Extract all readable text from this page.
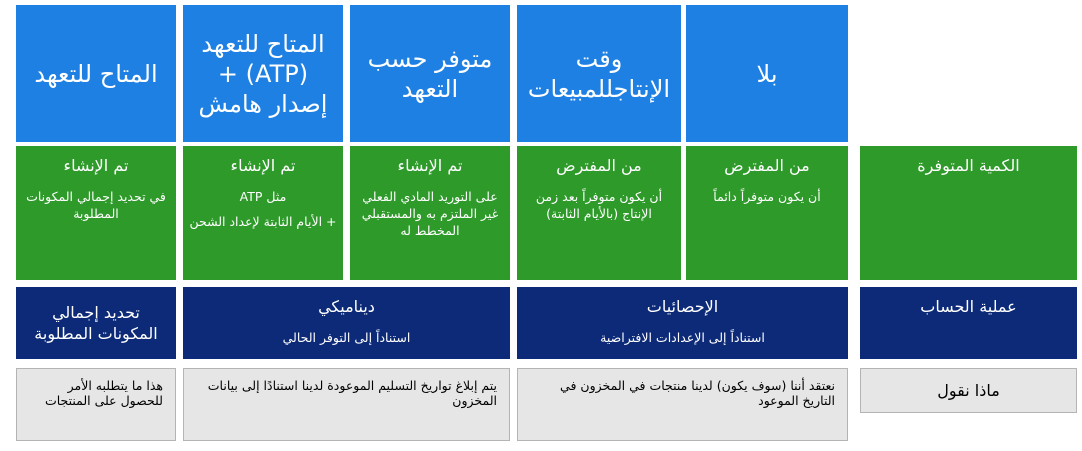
المتاح للتعهد
المتاح للتعهد (ATP) + إصدار هامش
متوفر حسب التعهد
وقت الإنتاجللمبيعات
بلا
تم الإنشاء
في تحديد إجمالي المكونات المطلوبة
تم الإنشاء
مثل ATP
+ الأيام الثابتة لإعداد الشحن
تم الإنشاء
على التوريد المادي الفعلي غير الملتزم به والمستقبلي المخطط له
من المفترض
أن يكون متوفراً بعد زمن الإنتاج (بالأيام الثابتة)
من المفترض
أن يكون متوفراً دائماً
الكمية المتوفرة
تحديد إجمالي المكونات المطلوبة
ديناميكي
استناداً إلى التوفر الحالي
الإحصائيات
استناداً إلى الإعدادات الافتراضية
عملية الحساب
هذا ما يتطلبه الأمر للحصول على المنتجات
يتم إبلاغ تواريخ التسليم الموعودة لدينا استنادًا إلى بيانات المخزون
نعتقد أننا (سوف يكون) لدينا منتجات في المخزون في التاريخ الموعود
ماذا نقول
